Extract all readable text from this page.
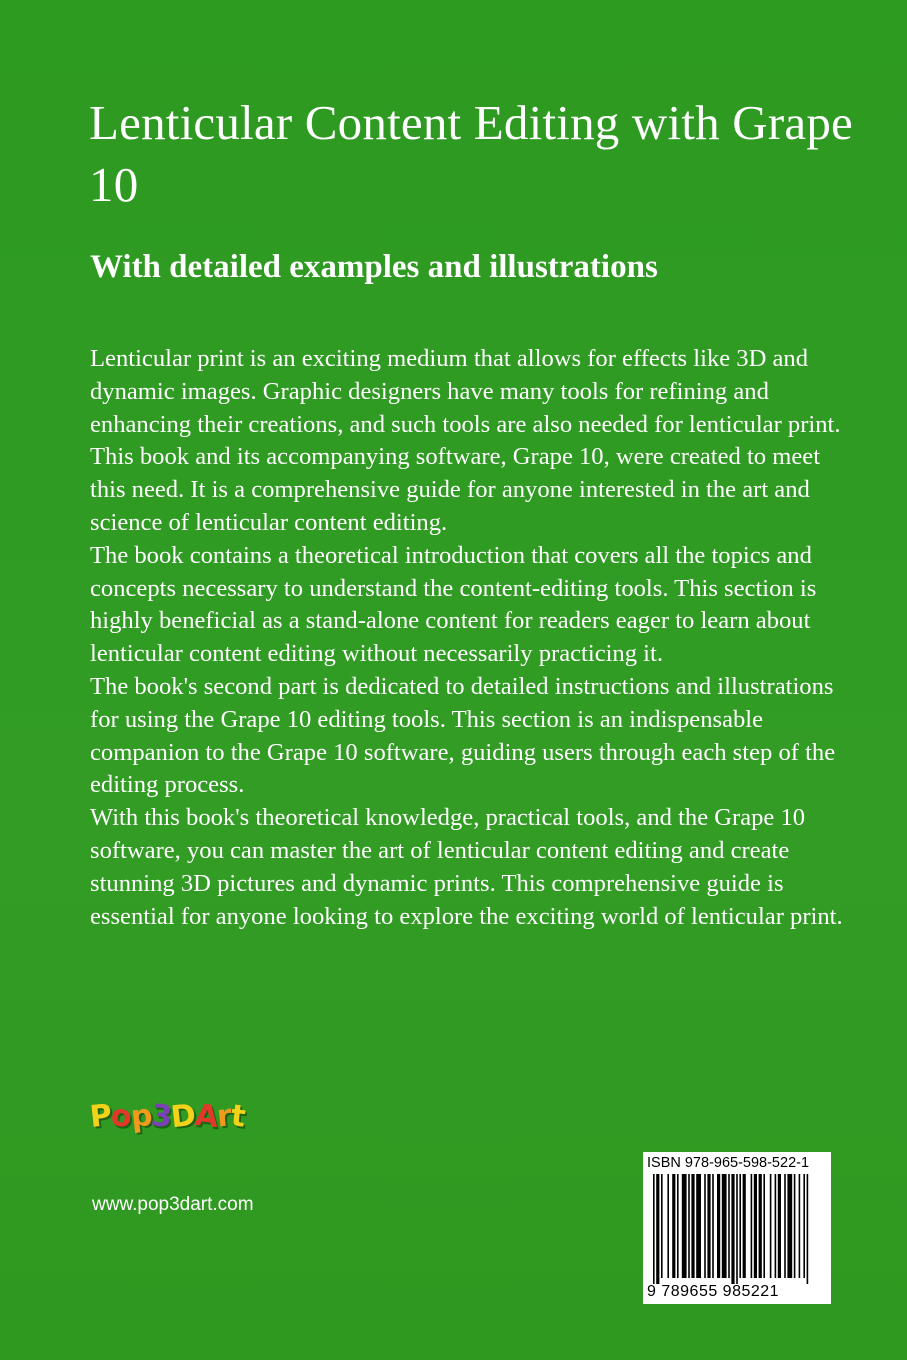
Lenticular Content Editing with Grape 10
With detailed examples and illustrations

Lenticular print is an exciting medium that allows for effects like 3D and dynamic images. Graphic designers have many tools for refining and enhancing their creations, and such tools are also needed for lenticular print. This book and its accompanying software, Grape 10, were created to meet this need. It is a comprehensive guide for anyone interested in the art and science of lenticular content editing.

The book contains a theoretical introduction that covers all the topics and concepts necessary to understand the content-editing tools. This section is highly beneficial as a stand-alone content for readers eager to learn about lenticular content editing without necessarily practicing it.

The book's second part is dedicated to detailed instructions and illustrations for using the Grape 10 editing tools. This section is an indispensable companion to the Grape 10 software, guiding users through each step of the editing process.

With this book's theoretical knowledge, practical tools, and the Grape 10 software, you can master the art of lenticular content editing and create stunning 3D pictures and dynamic prints. This comprehensive guide is essential for anyone looking to explore the exciting world of lenticular print.

Pop3DArt
www.pop3dart.com
ISBN 978-965-598-522-1
9 789655 985221
